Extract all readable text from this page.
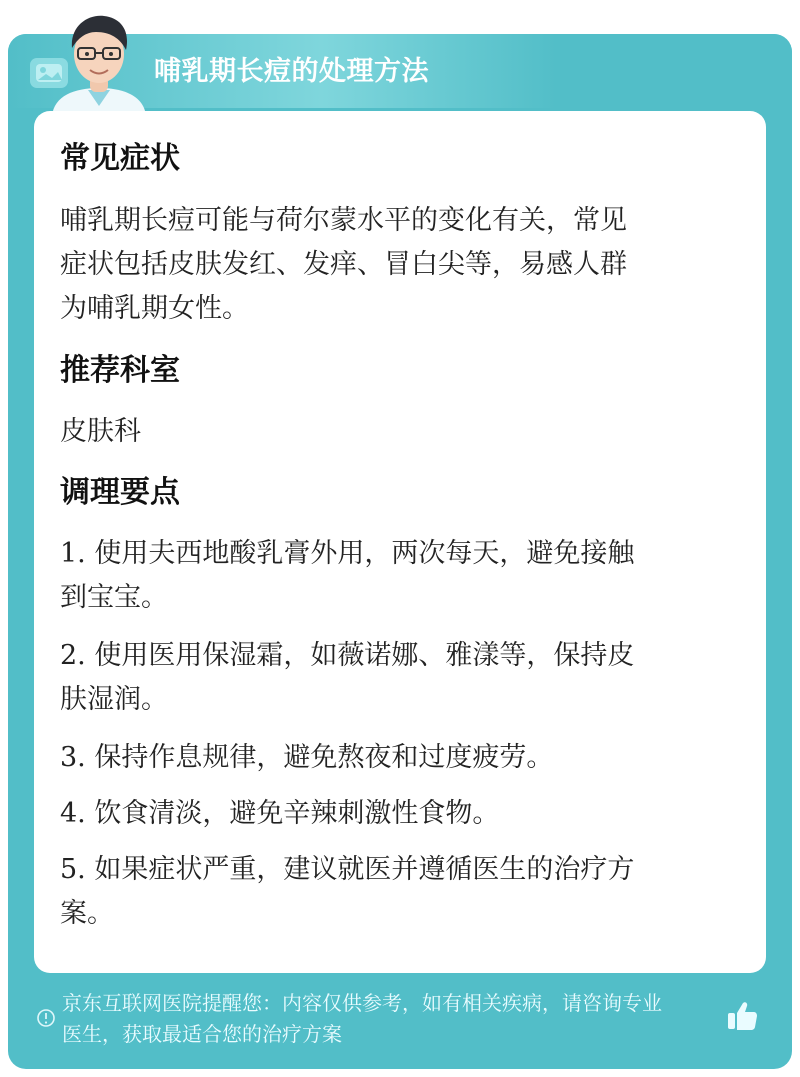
哺乳期长痘的处理方法
常见症状
哺乳期长痘可能与荷尔蒙水平的变化有关，常见
症状包括皮肤发红、发痒、冒白尖等，易感人群
为哺乳期女性。
推荐科室
皮肤科
调理要点
1. 使用夫西地酸乳膏外用，两次每天，避免接触
到宝宝。
2. 使用医用保湿霜，如薇诺娜、雅漾等，保持皮
肤湿润。
3. 保持作息规律，避免熬夜和过度疲劳。
4. 饮食清淡，避免辛辣刺激性食物。
5. 如果症状严重，建议就医并遵循医生的治疗方
案。
京东互联网医院提醒您：内容仅供参考，如有相关疾病，请咨询专业
医生，获取最适合您的治疗方案
